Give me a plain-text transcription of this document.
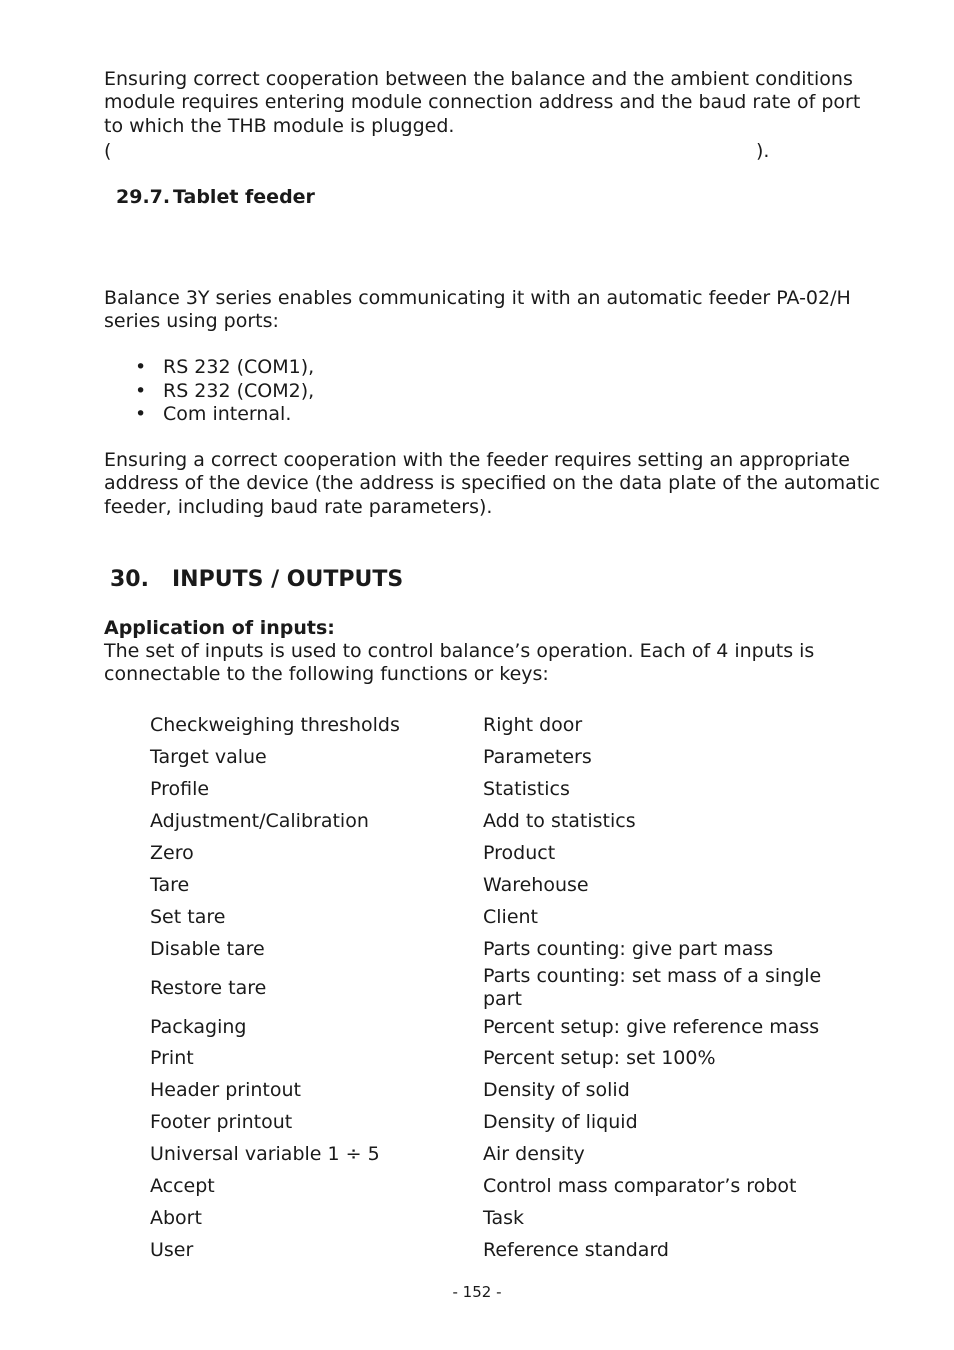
Ensuring correct cooperation between the balance and the ambient conditions module requires entering module connection address and the baud rate of port to which the THB module is plugged.

(	).
29.7. Tablet feeder

Balance 3Y series enables communicating it with an automatic feeder PA-02/H series using ports:

• RS 232 (COM1),
• RS 232 (COM2),
• Com internal.

Ensuring a correct cooperation with the feeder requires setting an appropriate address of the device (the address is specified on the data plate of the automatic feeder, including baud rate parameters).

30. INPUTS / OUTPUTS

Application of inputs:

The set of inputs is used to control balance’s operation. Each of 4 inputs is connectable to the following functions or keys:

Checkweighing thresholds	Right door
Target value	Parameters
Profile	Statistics
Adjustment/Calibration	Add to statistics
Zero	Product
Tare	Warehouse
Set tare	Client
Disable tare	Parts counting: give part mass
Restore tare	Parts counting: set mass of a single part
Packaging	Percent setup: give reference mass
Print	Percent setup: set 100%
Header printout	Density of solid
Footer printout	Density of liquid
Universal variable 1 ÷ 5	Air density
Accept	Control mass comparator’s robot
Abort	Task
User	Reference standard
- 152 -
